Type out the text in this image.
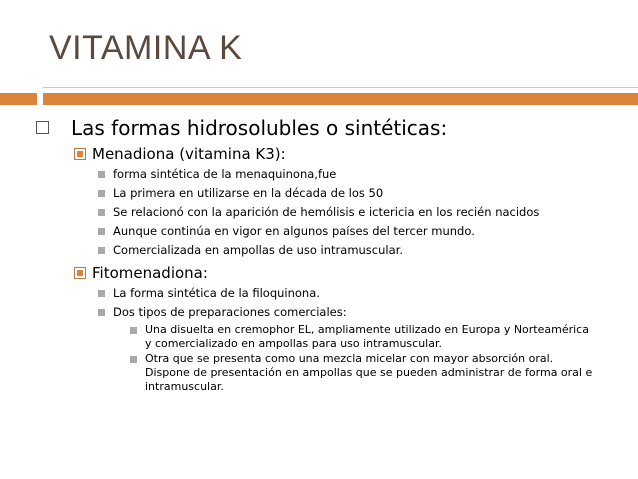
VITAMINA K
Las formas hidrosolubles o sintéticas:
Menadiona (vitamina K3):
forma sintética de la menaquinona,fue
La primera en utilizarse en la década de los 50
Se relacionó con la aparición de hemólisis e ictericia en los recién nacidos
Aunque continúa en vigor en algunos países del tercer mundo.
Comercializada en ampollas de uso intramuscular.
Fitomenadiona:
La forma sintética de la filoquinona.
Dos tipos de preparaciones comerciales:
Una disuelta en cremophor EL, ampliamente utilizado en Europa y Norteamérica
y comercializado en ampollas para uso intramuscular.
Otra que se presenta como una mezcla micelar con mayor absorción oral.
Dispone de presentación en ampollas que se pueden administrar de forma oral e
intramuscular.
